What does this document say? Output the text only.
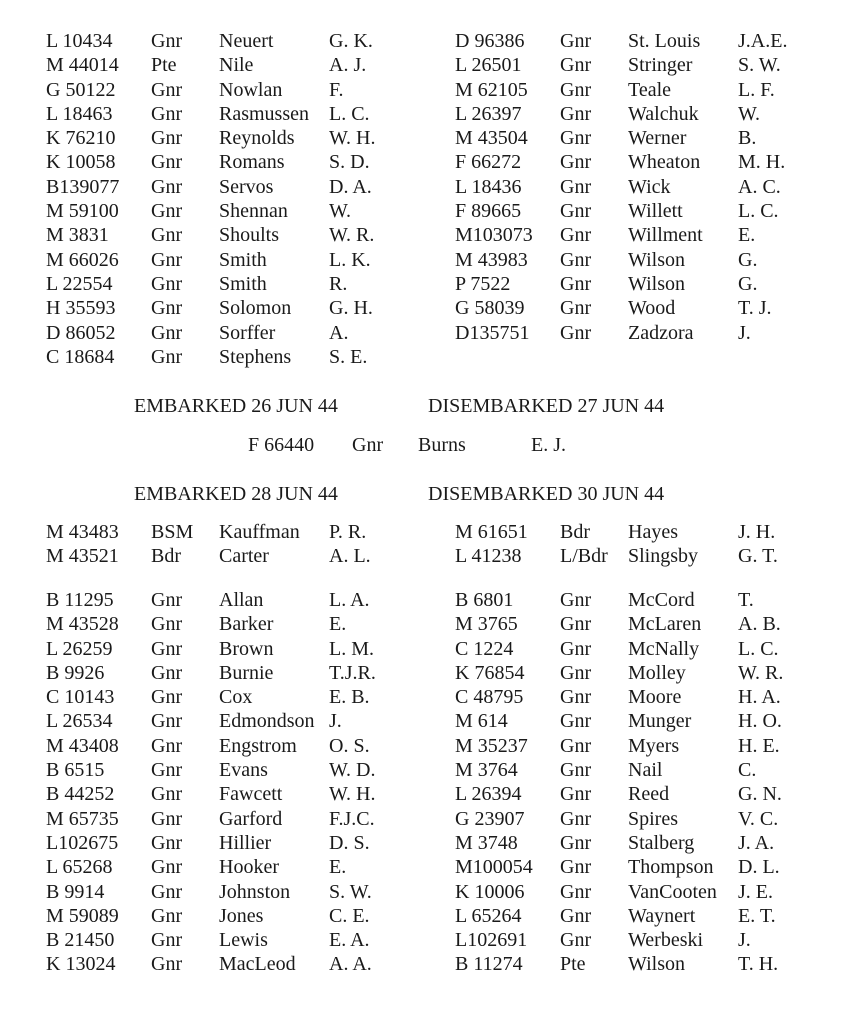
L 10434 Gnr Neuert	G. K.
M 44014 Pte Nile	A. J.
G 50122 Gnr Nowlan F.
L 18463 Gnr Rasmussen L. C.
K 76210 Gnr Reynolds W. H.
K 10058 Gnr Romans S. D.
B139077 Gnr Servos	D. A.
M 59100 Gnr Shennan W.
M 3831 Gnr Shoults W. R.
M 66026 Gnr Smith	L. K.
L 22554 Gnr Smith	R.
H 35593 Gnr Solomon G. H.
D 86052 Gnr Sorffer	A.
C 18684 Gnr Stephens S. E.
D 96386 Gnr St. Louis J.A.E.
L 26501 Gnr Stringer S. W.
M 62105 Gnr Teale	L. F.
L 26397 Gnr Walchuk W.
M 43504 Gnr Werner	B.
F 66272 Gnr Wheaton M. H.
L 18436 Gnr Wick	A. C.
F 89665 Gnr Willett	L. C.
M103073 Gnr Willment E.
M 43983 Gnr Wilson	G.
P 7522 Gnr Wilson	G.
G 58039 Gnr Wood	T. J.
D135751 Gnr Zadzora J.
EMBARKED 26 JUN 44	DISEMBARKED 27 JUN 44
F 66440 Gnr Burns	E. J.
EMBARKED 28 JUN 44	DISEMBARKED 30 JUN 44
M 43483 BSM Kauffman P. R.
M 43521 Bdr Carter	A. L.
M 61651 Bdr Hayes	J. H.
L 41238 L/Bdr Slingsby G. T.
B 11295 Gnr Allan	L. A.
M 43528 Gnr Barker	E.
L 26259 Gnr Brown	L. M.
B 9926 Gnr Burnie	T.J.R.
C 10143 Gnr Cox	E. B.
L 26534 Gnr Edmondson J.
M 43408 Gnr Engstrom O. S.
B 6515 Gnr Evans	W. D.
B 44252 Gnr Fawcett W. H.
M 65735 Gnr Garford F.J.C.
L102675 Gnr Hillier	D. S.
L 65268 Gnr Hooker	E.
B 9914 Gnr Johnston S. W.
M 59089 Gnr Jones	C. E.
B 21450 Gnr Lewis	E. A.
K 13024 Gnr MacLeod A. A.
B 6801 Gnr McCord T.
M 3765 Gnr McLaren A. B.
C 1224 Gnr McNally L. C.
K 76854 Gnr Molley	W. R.
C 48795 Gnr Moore	H. A.
M 614	Gnr Munger H. O.
M 35237 Gnr Myers	H. E.
M 3764 Gnr Nail	C.
L 26394 Gnr Reed	G. N.
G 23907 Gnr Spires	V. C.
M 3748 Gnr Stalberg J. A.
M100054 Gnr Thompson D. L.
K 10006 Gnr VanCooten J. E.
L 65264 Gnr Waynert E. T.
L102691 Gnr Werbeski J.
B 11274 Pte Wilson	T. H.
